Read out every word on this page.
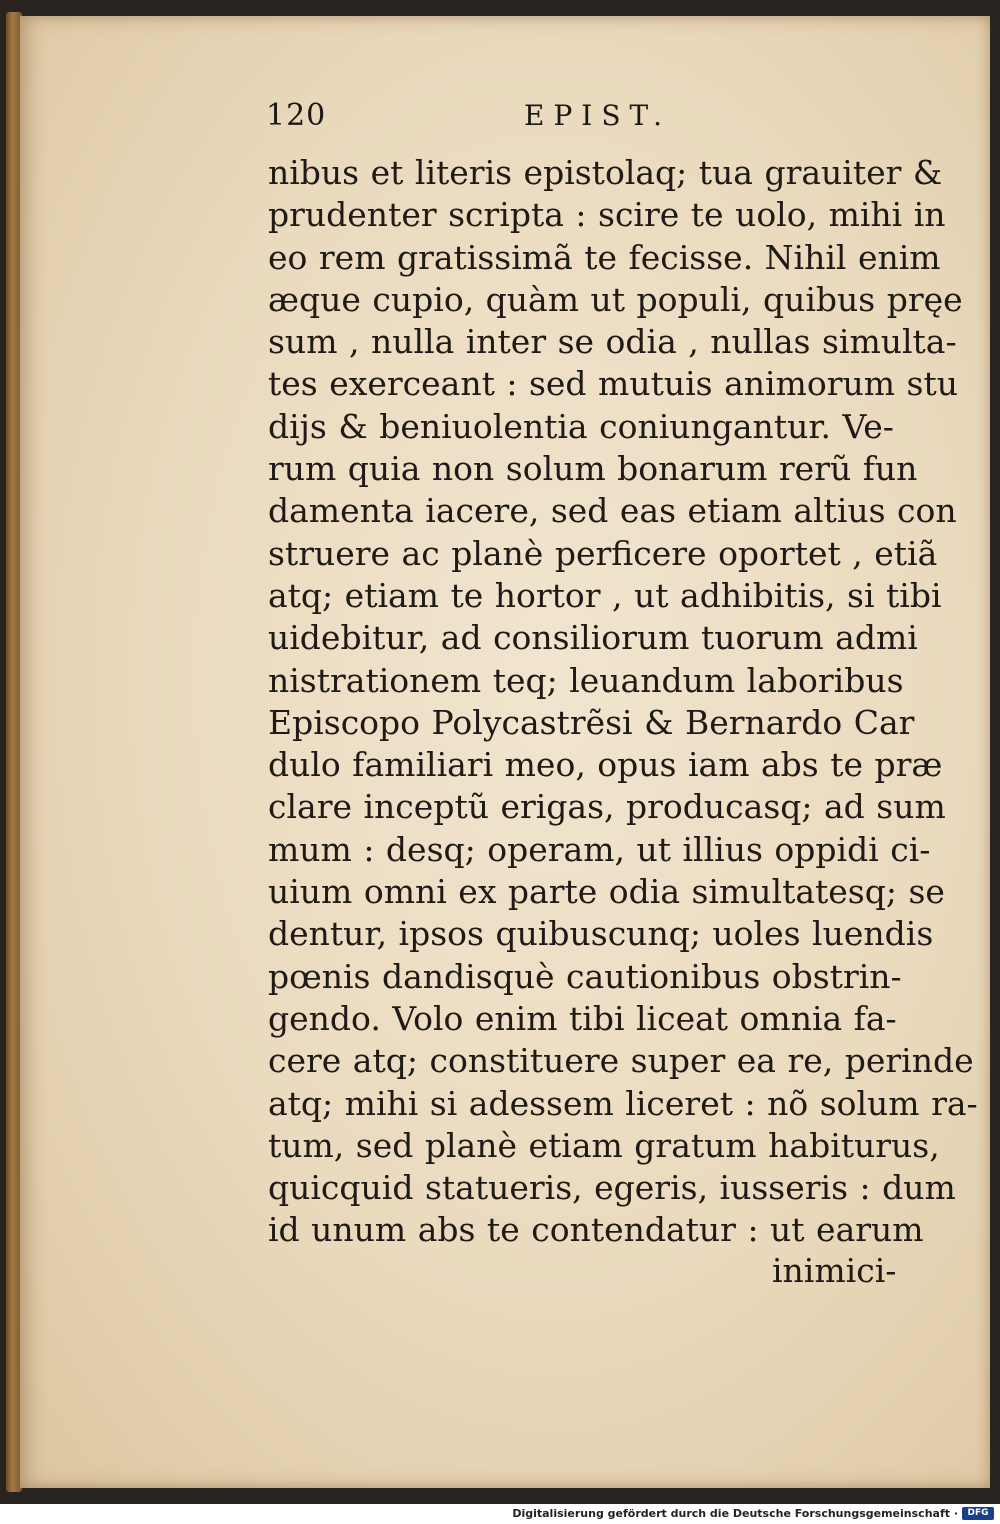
120	EPIST.
nibus et literis epistolaq; tua grauiter &
prudenter scripta : scire te uolo, mihi in
eo rem gratissimã te fecisse. Nihil enim
æque cupio, quàm ut populi, quibus pręe
sum , nulla inter se odia , nullas simulta-
tes exerceant : sed mutuis animorum stu
dijs & beniuolentia coniungantur. Ve-
rum quia non solum bonarum rerũ fun
damenta iacere, sed eas etiam altius con
struere ac planè perficere oportet , etiã
atq; etiam te hortor , ut adhibitis, si tibi
uidebitur, ad consiliorum tuorum admi
nistrationem teq; leuandum laboribus
Episcopo Polycastrẽsi & Bernardo Car
dulo familiari meo, opus iam abs te præ
clare inceptũ erigas, producasq; ad sum
mum : desq; operam, ut illius oppidi ci-
uium omni ex parte odia simultatesq; se
dentur, ipsos quibuscunq; uoles luendis
pœnis dandisquè cautionibus obstrin-
gendo. Volo enim tibi liceat omnia fa-
cere atq; constituere super ea re, perinde
atq; mihi si adessem liceret : nõ solum ra-
tum, sed planè etiam gratum habiturus,
quicquid statueris, egeris, iusseris : dum
id unum abs te contendatur : ut earum
inimici-
Digitalisierung gefördert durch die Deutsche Forschungsgemeinschaft ·	DFG
